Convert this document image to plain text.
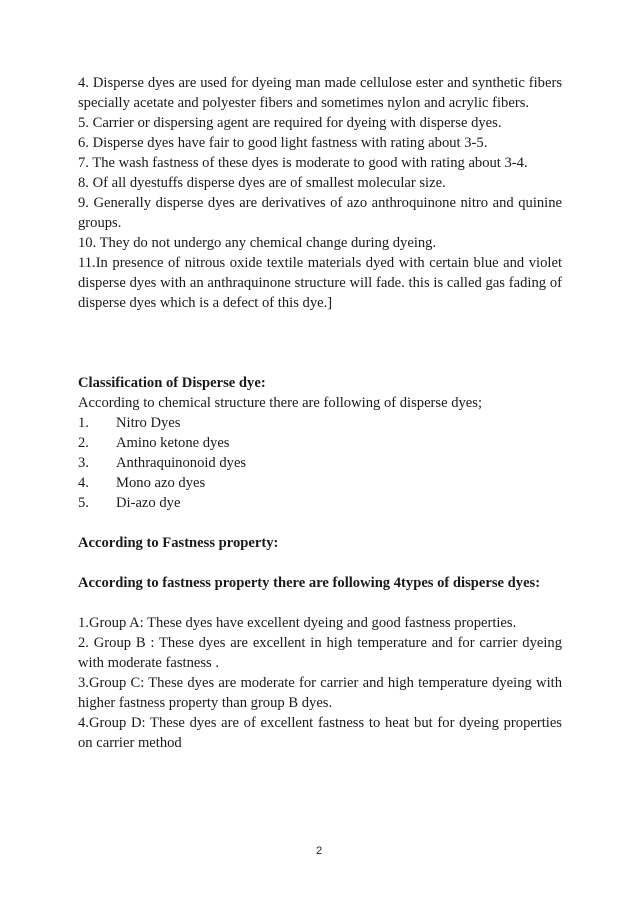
4. Disperse dyes are used for dyeing man made cellulose ester and synthetic fibers specially acetate and polyester fibers and sometimes nylon and acrylic fibers.

5. Carrier or dispersing agent are required for dyeing with disperse dyes.

6. Disperse dyes have fair to good light fastness with rating about 3-5.

7. The wash fastness of these dyes is moderate to good with rating about 3-4.

8. Of all dyestuffs disperse dyes are of smallest molecular size.

9. Generally disperse dyes are derivatives of azo anthroquinone nitro and quinine groups.

10. They do not undergo any chemical change during dyeing.

11.In presence of nitrous oxide textile materials dyed with certain blue and violet disperse dyes with an anthraquinone structure will fade. this is called gas fading of disperse dyes which is a defect of this dye.]

Classification of Disperse dye:

According to chemical structure there are following of disperse dyes;

1.	Nitro Dyes
2.	Amino ketone dyes
3.	Anthraquinonoid dyes
4.	Mono azo dyes
5.	Di-azo dye

According to Fastness property:

According to fastness property there are following 4types of disperse dyes:

1.Group A: These dyes have excellent dyeing and good fastness properties.

2. Group B : These dyes are excellent in high temperature and for carrier dyeing with moderate fastness .

3.Group C: These dyes are moderate for carrier and high temperature dyeing with higher fastness property than group B dyes.

4.Group D: These dyes are of excellent fastness to heat but for dyeing properties on carrier method

2
